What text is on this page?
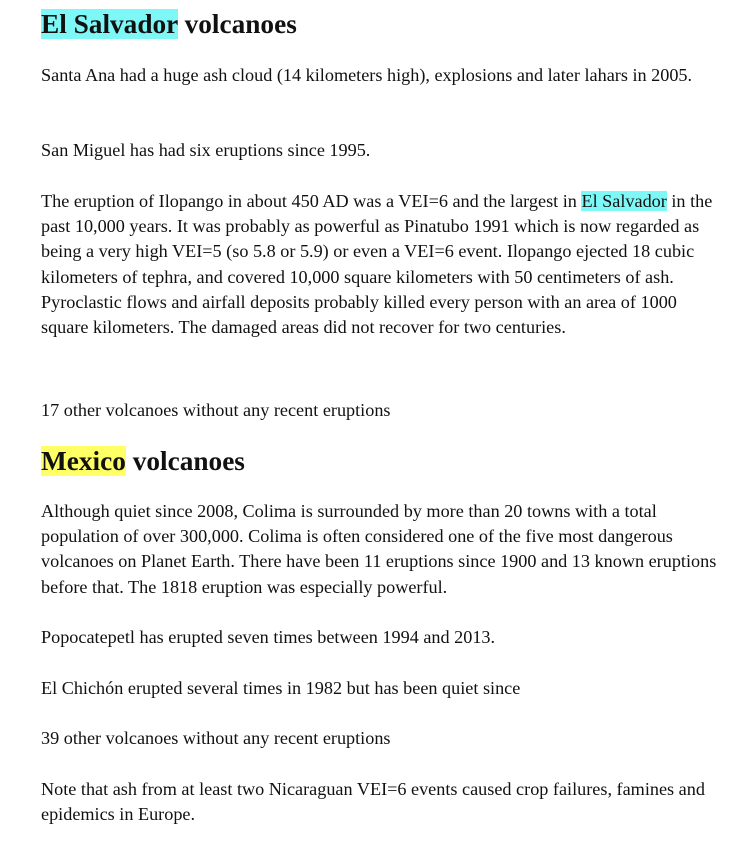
El Salvador volcanoes

Santa Ana had a huge ash cloud (14 kilometers high), explosions and later lahars in 2005.

San Miguel has had six eruptions since 1995.

The eruption of Ilopango in about 450 AD was a VEI=6 and the largest in El Salvador in the past 10,000 years. It was probably as powerful as Pinatubo 1991 which is now regarded as being a very high VEI=5 (so 5.8 or 5.9) or even a VEI=6 event. Ilopango ejected 18 cubic kilometers of tephra, and covered 10,000 square kilometers with 50 centimeters of ash. Pyroclastic flows and airfall deposits probably killed every person with an area of 1000 square kilometers. The damaged areas did not recover for two centuries.

17 other volcanoes without any recent eruptions

Mexico volcanoes

Although quiet since 2008, Colima is surrounded by more than 20 towns with a total population of over 300,000. Colima is often considered one of the five most dangerous volcanoes on Planet Earth. There have been 11 eruptions since 1900 and 13 known eruptions before that. The 1818 eruption was especially powerful.

Popocatepetl has erupted seven times between 1994 and 2013.

El Chichón erupted several times in 1982 but has been quiet since

39 other volcanoes without any recent eruptions

Note that ash from at least two Nicaraguan VEI=6 events caused crop failures, famines and epidemics in Europe.
